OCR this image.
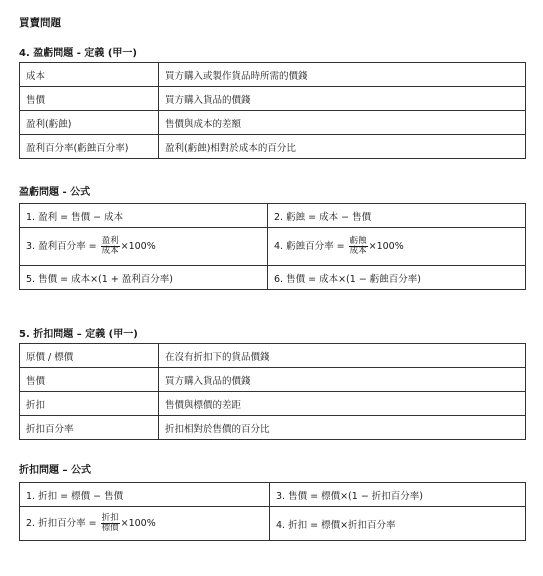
買賣問題
4. 盈虧問題 - 定義 (甲一)
成本	買方購入或製作貨品時所需的價錢
售價	買方購入貨品的價錢
盈利(虧蝕)	售價與成本的差額
盈利百分率(虧蝕百分率)	盈利(虧蝕)相對於成本的百分比
盈虧問題 - 公式
1. 盈利 = 售價 − 成本	2. 虧蝕 = 成本 − 售價
3. 盈利百分率 = $\frac{\text{盈利}}{\text{成本}} \times 100\%$	4. 虧蝕百分率 = $\frac{\text{虧蝕}}{\text{成本}} \times 100\%$
5. 售價 = 成本×(1 + 盈利百分率)	6. 售價 = 成本×(1 − 虧蝕百分率)
5. 折扣問題 – 定義 (甲一)
原價 / 標價	在沒有折扣下的貨品價錢
售價	買方購入貨品的價錢
折扣	售價與標價的差距
折扣百分率	折扣相對於售價的百分比
折扣問題 – 公式
1. 折扣 = 標價 − 售價	3. 售價 = 標價×(1 − 折扣百分率)
2. 折扣百分率 = $\frac{\text{折扣}}{\text{標價}} \times 100\%$	4. 折扣 = 標價×折扣百分率
